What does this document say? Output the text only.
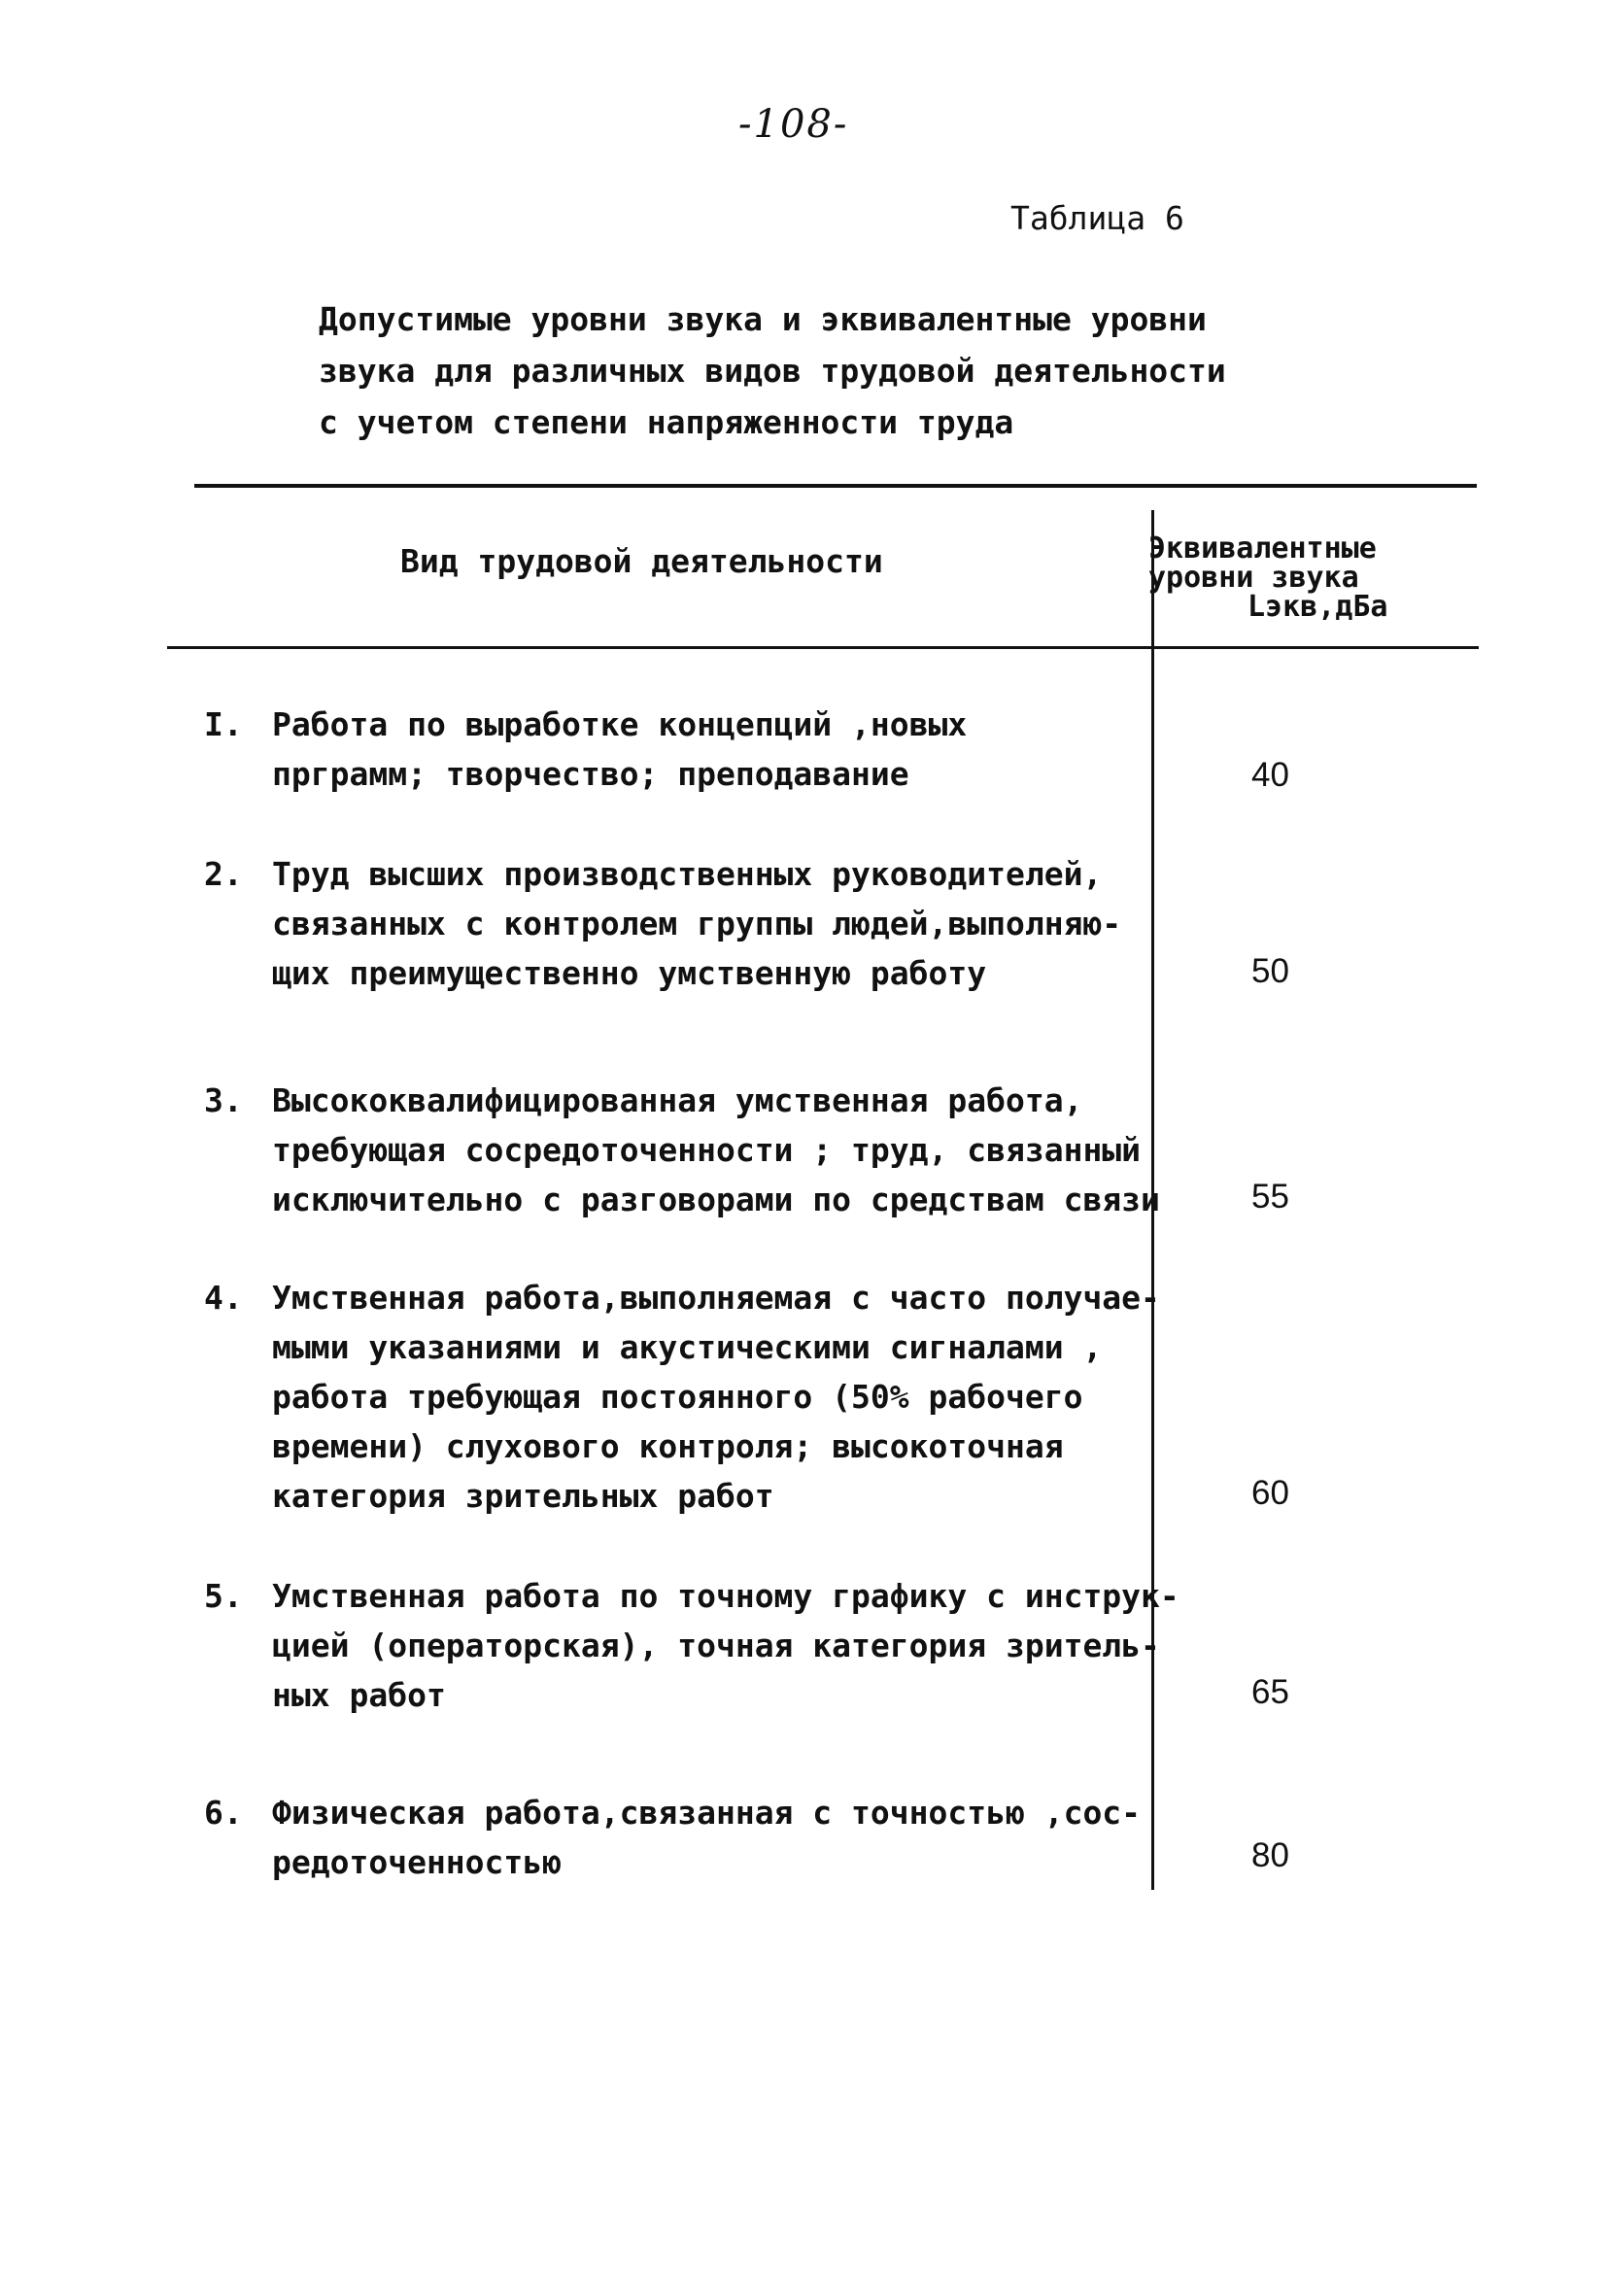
-108-
Таблица 6
Допустимые уровни звука и эквивалентные уровни
звука для различных видов трудовой деятельности
с учетом степени напряженности труда
Вид трудовой деятельности	Эквивалентные
уровни звука
Lэкв,дБа
I. Работа по выработке концепций ,новых
прграмм; творчество; преподавание	40
2. Труд высших производственных руководителей,
связанных с контролем группы людей,выполняю-
щих преимущественно умственную работу	50
3. Высококвалифицированная умственная работа,
требующая сосредоточенности ; труд, связанный
исключительно с разговорами по средствам связи	55
4. Умственная работа,выполняемая с часто получае-
мыми указаниями и акустическими сигналами ,
работа требующая постоянного (50% рабочего
времени) слухового контроля; высокоточная
категория зрительных работ	60
5. Умственная работа по точному графику с инструк-
цией (операторская), точная категория зритель-
ных работ	65
6. Физическая работа,связанная с точностью ,сос-
редоточенностью	80
